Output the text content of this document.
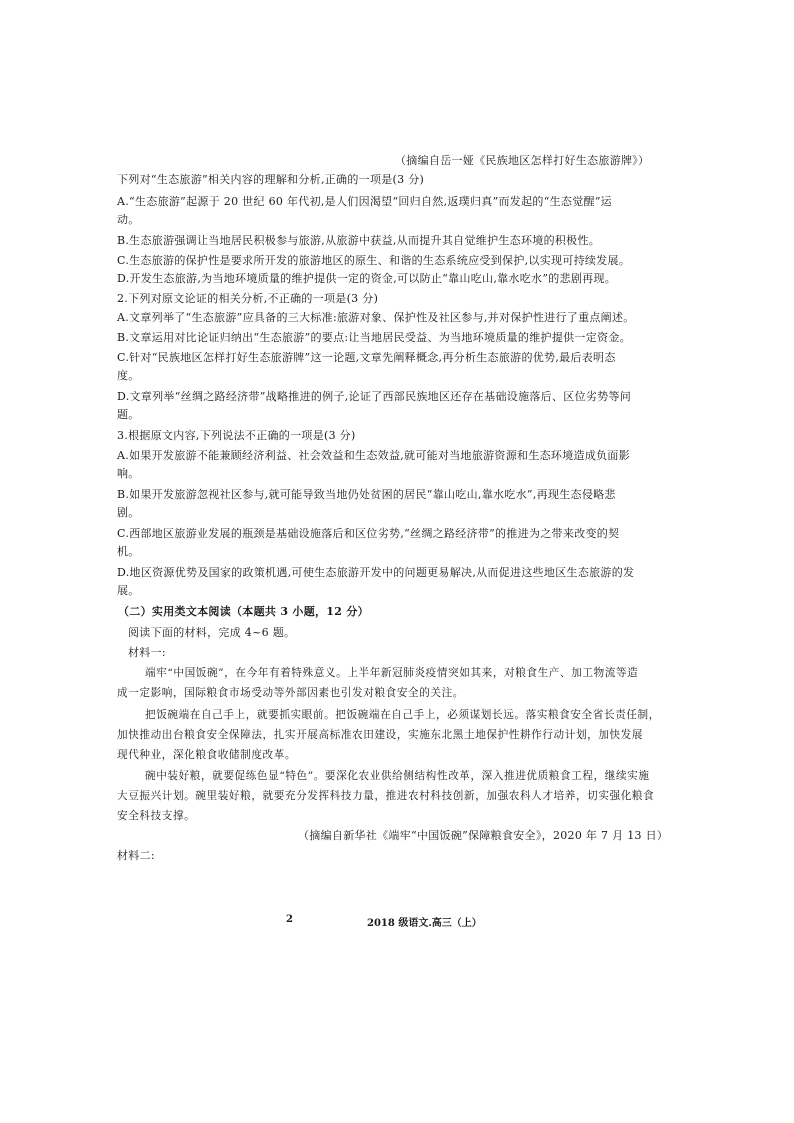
（摘编自岳一娅《民族地区怎样打好生态旅游牌》）
下列对“生态旅游”相关内容的理解和分析,正确的一项是(3 分)
A.“生态旅游”起源于 20 世纪 60 年代初,是人们因渴望“回归自然,返璞归真”而发起的“生态觉醒”运
动。
B.生态旅游强调让当地居民积极参与旅游,从旅游中获益,从而提升其自觉维护生态环境的积极性。
C.生态旅游的保护性是要求所开发的旅游地区的原生、和谐的生态系统应受到保护,以实现可持续发展。
D.开发生态旅游,为当地环境质量的维护提供一定的资金,可以防止“靠山吃山,靠水吃水”的悲剧再现。
2.下列对原文论证的相关分析,不正确的一项是(3 分)
A.文章列举了“生态旅游”应具备的三大标准:旅游对象、保护性及社区参与,并对保护性进行了重点阐述。
B.文章运用对比论证归纳出“生态旅游”的要点:让当地居民受益、为当地环境质量的维护提供一定资金。
C.针对“民族地区怎样打好生态旅游牌”这一论题,文章先阐释概念,再分析生态旅游的优势,最后表明态
度。
D.文章列举“丝绸之路经济带”战略推进的例子,论证了西部民族地区还存在基础设施落后、区位劣势等问
题。
3.根据原文内容,下列说法不正确的一项是(3 分)
A.如果开发旅游不能兼顾经济利益、社会效益和生态效益,就可能对当地旅游资源和生态环境造成负面影
响。
B.如果开发旅游忽视社区参与,就可能导致当地仍处贫困的居民“靠山吃山,靠水吃水”,再现生态侵略悲
剧。
C.西部地区旅游业发展的瓶颈是基础设施落后和区位劣势,“丝绸之路经济带”的推进为之带来改变的契
机。
D.地区资源优势及国家的政策机遇,可使生态旅游开发中的问题更易解决,从而促进这些地区生态旅游的发
展。
（二）实用类文本阅读（本题共 3 小题，12 分）
阅读下面的材料，完成 4~6 题。
材料一:
端牢“中国饭碗”，在今年有着特殊意义。上半年新冠肺炎疫情突如其来，对粮食生产、加工物流等造
成一定影响，国际粮食市场受动等外部因素也引发对粮食安全的关注。
把饭碗端在自己手上，就要抓实眼前。把饭碗端在自己手上，必须谋划长远。落实粮食安全省长责任制，
加快推动出台粮食安全保障法，扎实开展高标准农田建设，实施东北黑土地保护性耕作行动计划，加快发展
现代种业，深化粮食收储制度改革。
碗中装好粮，就要促练色显“特色”。要深化农业供给侧结构性改革，深入推进优质粮食工程，继续实施
大豆振兴计划。碗里装好粮，就要充分发挥科技力量，推进农村科技创新，加强农科人才培养，切实强化粮食
安全科技支撑。
（摘编自新华社《端牢“中国饭碗”保障粮食安全》，2020 年 7 月 13 日）
材料二:
2	2018 级语文.高三（上）
